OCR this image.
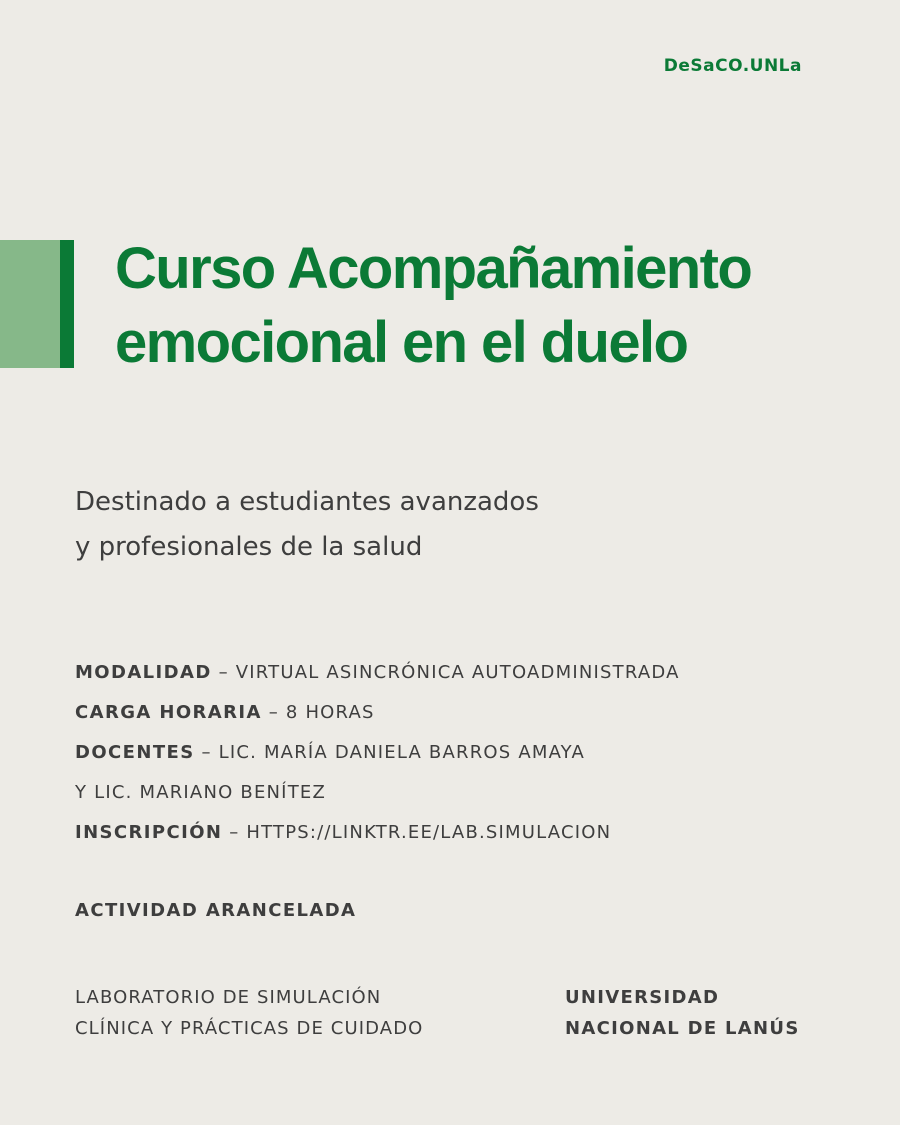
DeSaCO.UNLa
Curso Acompañamiento
emocional en el duelo

Destinado a estudiantes avanzados
y profesionales de la salud

MODALIDAD – VIRTUAL ASINCRÓNICA AUTOADMINISTRADA
CARGA HORARIA – 8 HORAS
DOCENTES – LIC. MARÍA DANIELA BARROS AMAYA
Y LIC. MARIANO BENÍTEZ
INSCRIPCIÓN – HTTPS://LINKTR.EE/LAB.SIMULACION
ACTIVIDAD ARANCELADA
LABORATORIO DE SIMULACIÓN
CLÍNICA Y PRÁCTICAS DE CUIDADO
UNIVERSIDAD
NACIONAL DE LANÚS
